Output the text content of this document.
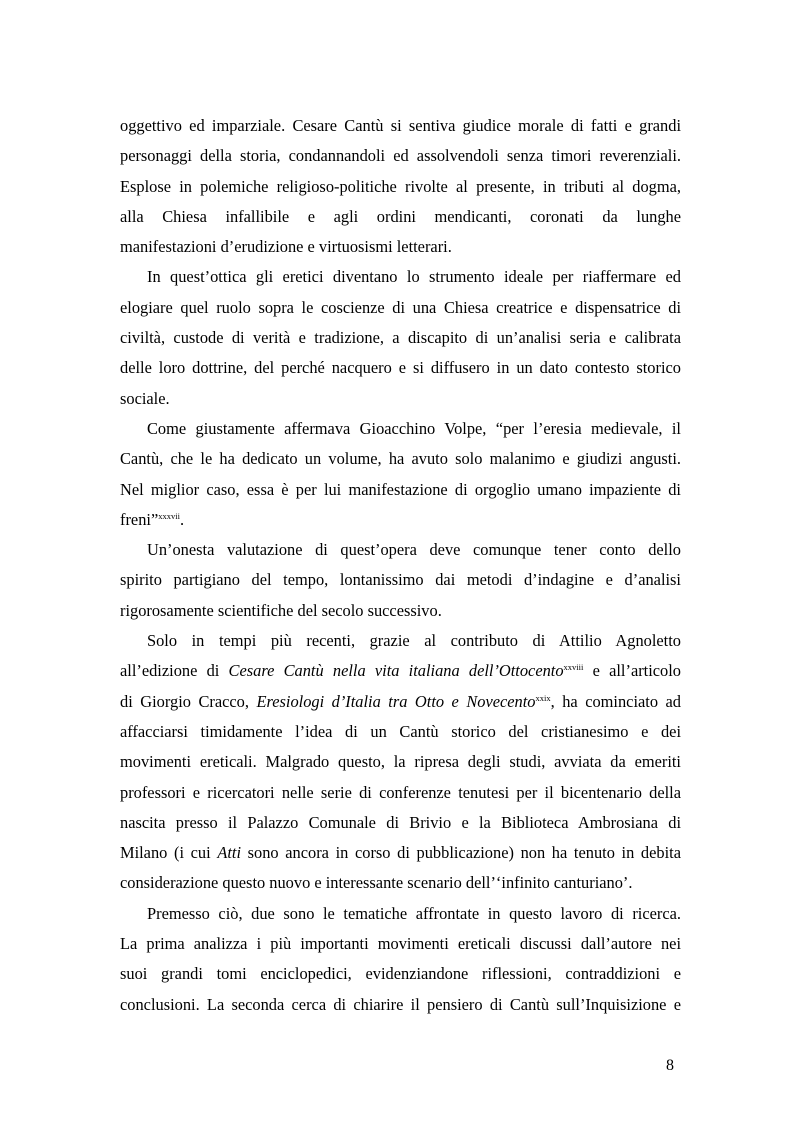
oggettivo ed imparziale. Cesare Cantù si sentiva giudice morale di fatti e grandi
personaggi della storia, condannandoli ed assolvendoli senza timori reverenziali.
Esplose in polemiche religioso-politiche rivolte al presente, in tributi al dogma,
alla Chiesa infallibile e agli ordini mendicanti, coronati da lunghe
manifestazioni d’erudizione e virtuosismi letterari.
In quest’ottica gli eretici diventano lo strumento ideale per riaffermare ed
elogiare quel ruolo sopra le coscienze di una Chiesa creatrice e dispensatrice di
civiltà, custode di verità e tradizione, a discapito di un’analisi seria e calibrata
delle loro dottrine, del perché nacquero e si diffusero in un dato contesto storico
sociale.
Come giustamente affermava Gioacchino Volpe, “per l’eresia medievale, il
Cantù, che le ha dedicato un volume, ha avuto solo malanimo e giudizi angusti.
Nel miglior caso, essa è per lui manifestazione di orgoglio umano impaziente di
freni”$^{xxxvii}$.
Un’onesta valutazione di quest’opera deve comunque tener conto dello
spirito partigiano del tempo, lontanissimo dai metodi d’indagine e d’analisi
rigorosamente scientifiche del secolo successivo.
Solo in tempi più recenti, grazie al contributo di Attilio Agnoletto
all’edizione di Cesare Cantù nella vita italiana dell’Ottocento$^{xxviii}$ e all’articolo
di Giorgio Cracco, Eresiologi d’Italia tra Otto e Novecento$^{xxix}$, ha cominciato ad
affacciarsi timidamente l’idea di un Cantù storico del cristianesimo e dei
movimenti ereticali. Malgrado questo, la ripresa degli studi, avviata da emeriti
professori e ricercatori nelle serie di conferenze tenutesi per il bicentenario della
nascita presso il Palazzo Comunale di Brivio e la Biblioteca Ambrosiana di
Milano (i cui Atti sono ancora in corso di pubblicazione) non ha tenuto in debita
considerazione questo nuovo e interessante scenario dell’‘infinito canturiano’.
Premesso ciò, due sono le tematiche affrontate in questo lavoro di ricerca.
La prima analizza i più importanti movimenti ereticali discussi dall’autore nei
suoi grandi tomi enciclopedici, evidenziandone riflessioni, contraddizioni e
conclusioni. La seconda cerca di chiarire il pensiero di Cantù sull’Inquisizione e
8
